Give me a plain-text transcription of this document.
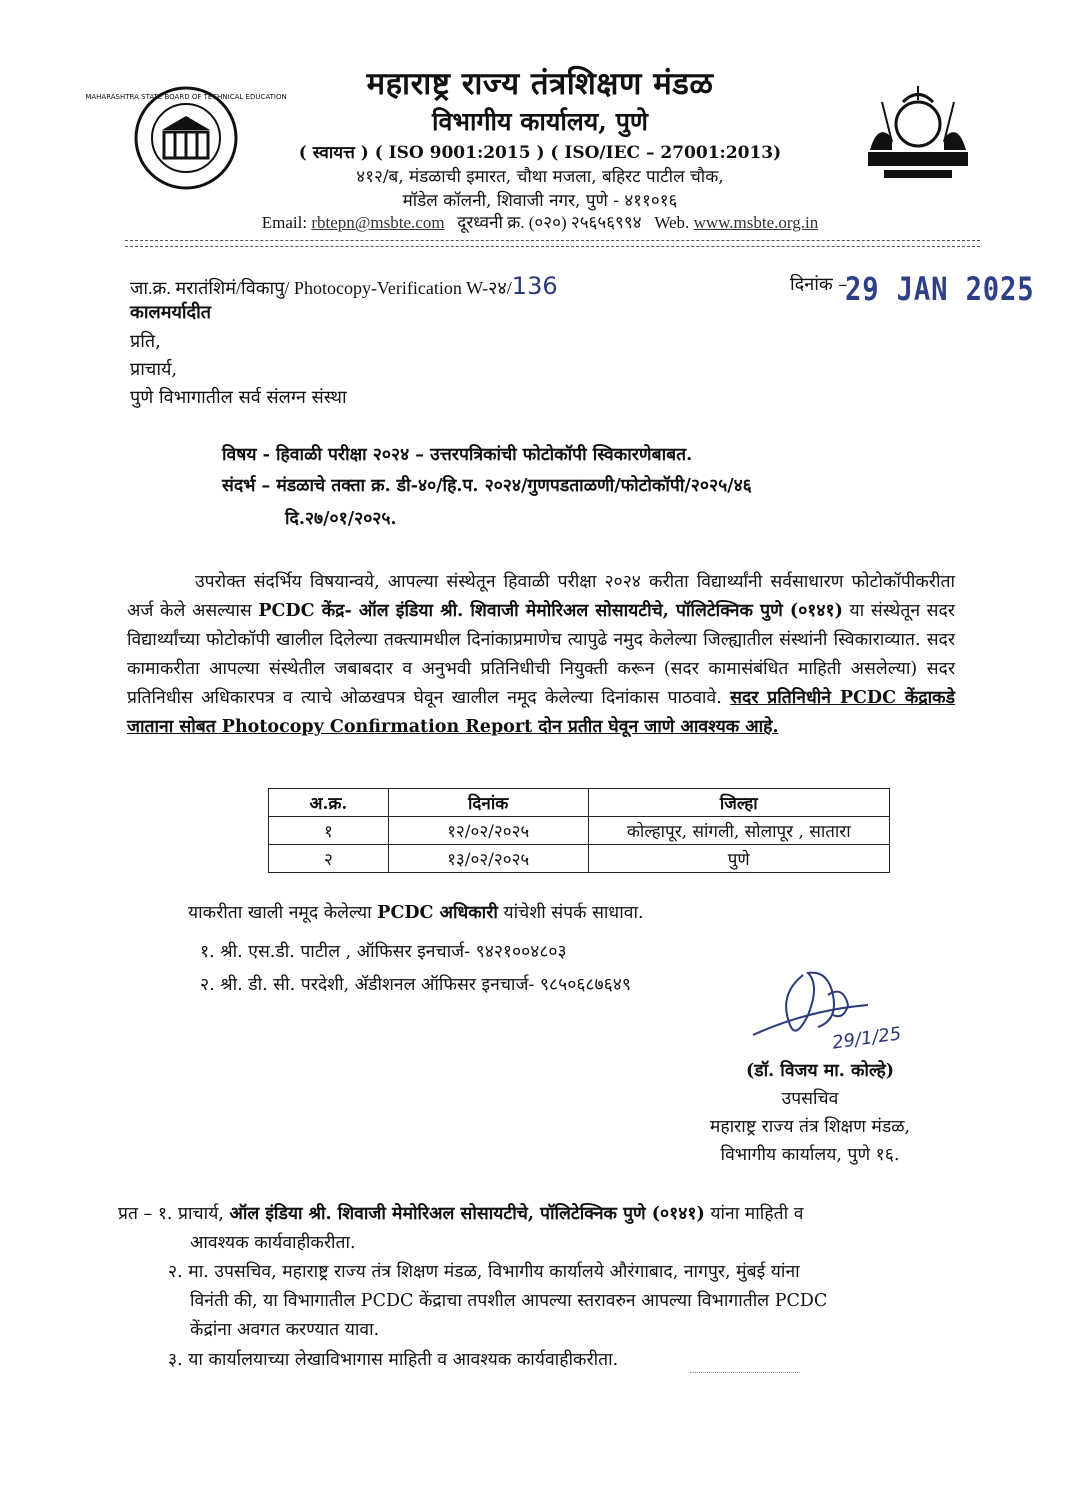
MAHARASHTRA STATE BOARD OF TECHNICAL EDUCATION	महाराष्ट्र राज्य तंत्रशिक्षण मंडळ
विभागीय कार्यालय, पुणे
( स्वायत्त ) ( ISO 9001:2015 ) ( ISO/IEC – 27001:2013)
४१२/ब, मंडळाची इमारत, चौथा मजला, बहिरट पाटील चौक,
मॉडेल कॉलनी, शिवाजी नगर, पुणे - ४११०१६
Email: rbtepn@msbte.com दूरध्वनी क्र. (०२०) २५६५६९९४ Web. www.msbte.org.in
जा.क्र. मरातंशिमं/विकापु/ Photocopy-Verification W-२४/136	दिनांक –
29 JAN 2025
कालमर्यादीत
प्रति,
प्राचार्य,
पुणे विभागातील सर्व संलग्न संस्था
विषय - हिवाळी परीक्षा २०२४ – उत्तरपत्रिकांची फोटोकॉपी स्विकारणेबाबत.
संदर्भ – मंडळाचे तक्ता क्र. डी-४०/हि.प. २०२४/गुणपडताळणी/फोटोकॉपी/२०२५/४६
दि.२७/०१/२०२५.

उपरोक्त संदर्भिय विषयान्वये, आपल्या संस्थेतून हिवाळी परीक्षा २०२४ करीता विद्यार्थ्यांनी सर्वसाधारण फोटोकॉपीकरीता अर्ज केले असल्यास PCDC केंद्र- ऑल इंडिया श्री. शिवाजी मेमोरिअल सोसायटीचे, पॉलिटेक्निक पुणे (०१४१) या संस्थेतून सदर विद्यार्थ्यांच्या फोटोकॉपी खालील दिलेल्या तक्त्यामधील दिनांकाप्रमाणेच त्यापुढे नमुद केलेल्या जिल्ह्यातील संस्थांनी स्विकाराव्यात. सदर कामाकरीता आपल्या संस्थेतील जबाबदार व अनुभवी प्रतिनिधीची नियुक्ती करून (सदर कामासंबंधित माहिती असलेल्या) सदर प्रतिनिधीस अधिकारपत्र व त्याचे ओळखपत्र घेवून खालील नमूद केलेल्या दिनांकास पाठवावे. सदर प्रतिनिधीने PCDC केंद्राकडे जाताना सोबत Photocopy Confirmation Report दोन प्रतीत घेवून जाणे आवश्यक आहे.

अ.क्र.	दिनांक	जिल्हा
१	१२/०२/२०२५	कोल्हापूर, सांगली, सोलापूर , सातारा
२	१३/०२/२०२५	पुणे
याकरीता खाली नमूद केलेल्या PCDC अधिकारी यांचेशी संपर्क साधावा.
१. श्री. एस.डी. पाटील , ऑफिसर इनचार्ज- ९४२१००४८०३
२. श्री. डी. सी. परदेशी, ॲडीशनल ऑफिसर इनचार्ज- ९८५०६८७६४९
29/1/25
(डॉ. विजय मा. कोल्हे)
उपसचिव
महाराष्ट्र राज्य तंत्र शिक्षण मंडळ,
विभागीय कार्यालय, पुणे १६.
प्रत – १. प्राचार्य, ऑल इंडिया श्री. शिवाजी मेमोरिअल सोसायटीचे, पॉलिटेक्निक पुणे (०१४१) यांना माहिती व
आवश्यक कार्यवाहीकरीता.
२. मा. उपसचिव, महाराष्ट्र राज्य तंत्र शिक्षण मंडळ, विभागीय कार्यालये औरंगाबाद, नागपुर, मुंबई यांना
विनंती की, या विभागातील PCDC केंद्राचा तपशील आपल्या स्तरावरुन आपल्या विभागातील PCDC
केंद्रांना अवगत करण्यात यावा.
३. या कार्यालयाच्या लेखाविभागास माहिती व आवश्यक कार्यवाहीकरीता.
